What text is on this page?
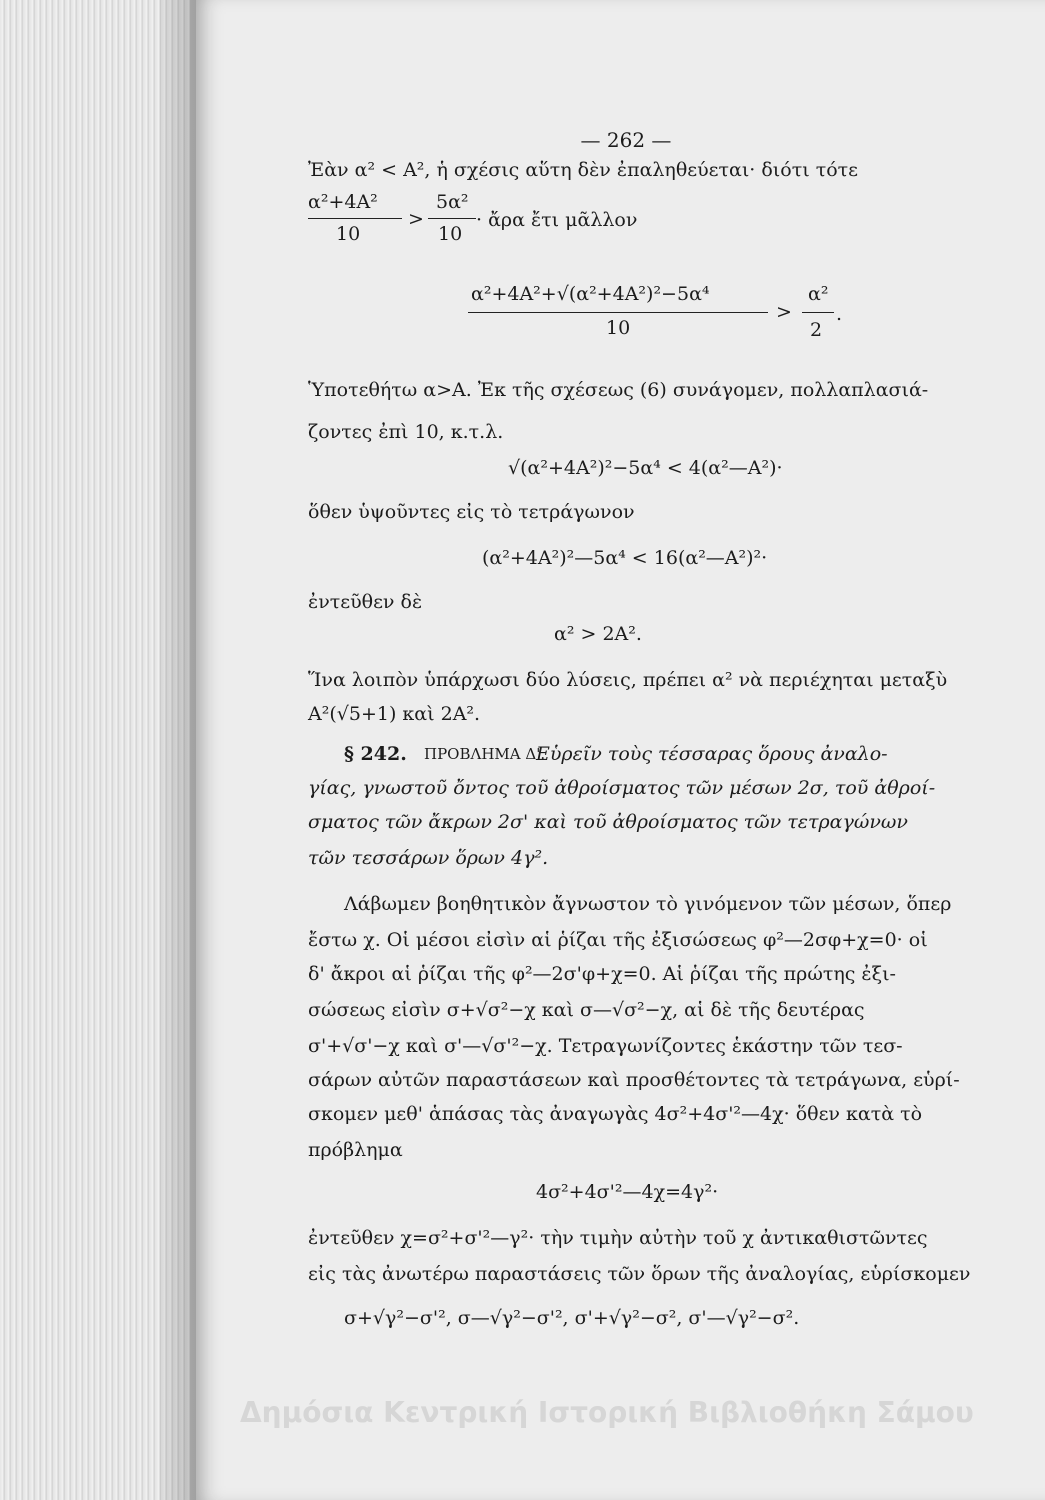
— 262 —
Ἐὰν α² < Α², ἡ σχέσις αὕτη δὲν ἐπαληθεύεται· διότι τότε
α²+4Α²	5α²
>	· ἄρα ἔτι μᾶλλον
10	10
α²+4Α²+√(α²+4Α²)²−5α⁴
>
α²
2
.
10
Ὑποτεθήτω α>Α. Ἐκ τῆς σχέσεως (6) συνάγομεν, πολλαπλασιά-
ζοντες ἐπὶ 10, κ.τ.λ.
√(α²+4Α²)²−5α⁴ < 4(α²—Α²)·
ὅθεν ὑψοῦντες εἰς τὸ τετράγωνον
(α²+4Α²)²—5α⁴ < 16(α²—Α²)²·
ἐντεῦθεν δὲ
α² > 2Α².
Ἵνα λοιπὸν ὑπάρχωσι δύο λύσεις, πρέπει α² νὰ περιέχηται μεταξὺ
Α²(√5+1) καὶ 2Α².
§ 242. ΠΡΟΒΛΗΜΑ Δ'.
Εὑρεῖν τοὺς τέσσαρας ὅρους ἀναλο-
γίας, γνωστοῦ ὄντος τοῦ ἀθροίσματος τῶν μέσων 2σ, τοῦ ἀθροί-
σματος τῶν ἄκρων 2σ' καὶ τοῦ ἀθροίσματος τῶν τετραγώνων
τῶν τεσσάρων ὅρων 4γ².
Λάβωμεν βοηθητικὸν ἄγνωστον τὸ γινόμενον τῶν μέσων, ὅπερ
ἔστω χ. Οἱ μέσοι εἰσὶν αἱ ῥίζαι τῆς ἐξισώσεως φ²—2σφ+χ=0· οἱ
δ' ἄκροι αἱ ῥίζαι τῆς φ²—2σ'φ+χ=0. Αἱ ῥίζαι τῆς πρώτης ἐξι-
σώσεως εἰσὶν σ+√σ²−χ καὶ σ—√σ²−χ, αἱ δὲ τῆς δευτέρας
σ'+√σ'−χ καὶ σ'—√σ'²−χ. Τετραγωνίζοντες ἑκάστην τῶν τεσ-
σάρων αὐτῶν παραστάσεων καὶ προσθέτοντες τὰ τετράγωνα, εὑρί-
σκομεν μεθ' ἁπάσας τὰς ἀναγωγὰς 4σ²+4σ'²—4χ· ὅθεν κατὰ τὸ
πρόβλημα
4σ²+4σ'²—4χ=4γ²·
ἐντεῦθεν χ=σ²+σ'²—γ²· τὴν τιμὴν αὐτὴν τοῦ χ ἀντικαθιστῶντες
εἰς τὰς ἀνωτέρω παραστάσεις τῶν ὅρων τῆς ἀναλογίας, εὑρίσκομεν
σ+√γ²−σ'², σ—√γ²−σ'², σ'+√γ²−σ², σ'—√γ²−σ².
Δημόσια Κεντρική Ιστορική Βιβλιοθήκη Σάμου
